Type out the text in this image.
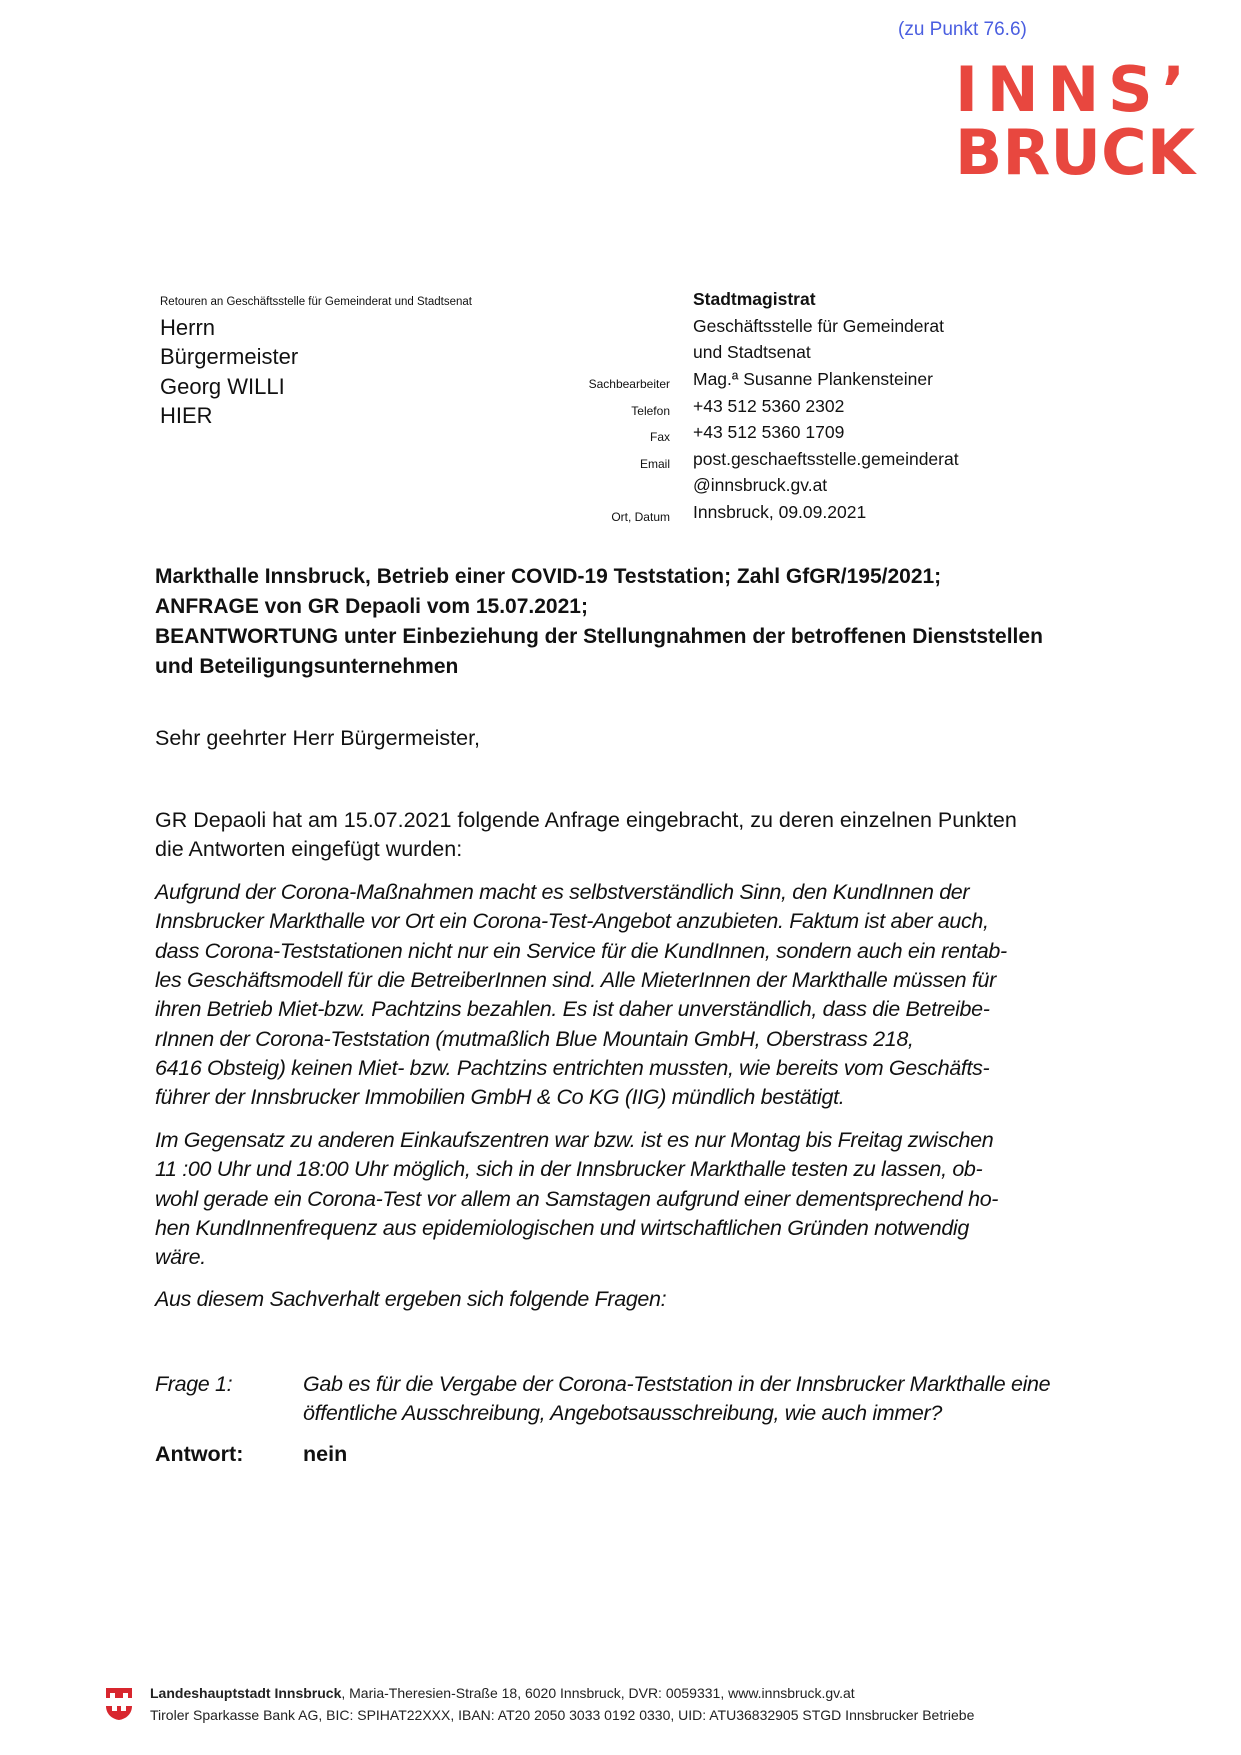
(zu Punkt 76.6)
INNS’
BRUCK
Retouren an Geschäftsstelle für Gemeinderat und Stadtsenat
Herrn
Bürgermeister
Georg WILLI
HIER
Stadtmagistrat
Geschäftsstelle für Gemeinderat
und Stadtsenat
Sachbearbeiter Mag.ª Susanne Plankensteiner
Telefon +43 512 5360 2302
Fax +43 512 5360 1709
Email post.geschaeftsstelle.gemeinderat
@innsbruck.gv.at
Ort, Datum Innsbruck, 09.09.2021
Markthalle Innsbruck, Betrieb einer COVID-19 Teststation; Zahl GfGR/195/2021;
ANFRAGE von GR Depaoli vom 15.07.2021;
BEANTWORTUNG unter Einbeziehung der Stellungnahmen der betroffenen Dienststellen
und Beteiligungsunternehmen
Sehr geehrter Herr Bürgermeister,
GR Depaoli hat am 15.07.2021 folgende Anfrage eingebracht, zu deren einzelnen Punkten
die Antworten eingefügt wurden:
Aufgrund der Corona-Maßnahmen macht es selbstverständlich Sinn, den KundInnen der
Innsbrucker Markthalle vor Ort ein Corona-Test-Angebot anzubieten. Faktum ist aber auch,
dass Corona-Teststationen nicht nur ein Service für die KundInnen, sondern auch ein rentab-
les Geschäftsmodell für die BetreiberInnen sind. Alle MieterInnen der Markthalle müssen für
ihren Betrieb Miet-bzw. Pachtzins bezahlen. Es ist daher unverständlich, dass die Betreibe-
rInnen der Corona-Teststation (mutmaßlich Blue Mountain GmbH, Oberstrass 218,
6416 Obsteig) keinen Miet- bzw. Pachtzins entrichten mussten, wie bereits vom Geschäfts-
führer der Innsbrucker Immobilien GmbH & Co KG (IIG) mündlich bestätigt.
Im Gegensatz zu anderen Einkaufszentren war bzw. ist es nur Montag bis Freitag zwischen
11 :00 Uhr und 18:00 Uhr möglich, sich in der Innsbrucker Markthalle testen zu lassen, ob-
wohl gerade ein Corona-Test vor allem an Samstagen aufgrund einer dementsprechend ho-
hen KundInnenfrequenz aus epidemiologischen und wirtschaftlichen Gründen notwendig
wäre.
Aus diesem Sachverhalt ergeben sich folgende Fragen:
Frage 1:	Gab es für die Vergabe der Corona-Teststation in der Innsbrucker Markthalle eine
öffentliche Ausschreibung, Angebotsausschreibung, wie auch immer?
Antwort:	nein
Landeshauptstadt Innsbruck, Maria-Theresien-Straße 18, 6020 Innsbruck, DVR: 0059331, www.innsbruck.gv.at
Tiroler Sparkasse Bank AG, BIC: SPIHAT22XXX, IBAN: AT20 2050 3033 0192 0330, UID: ATU36832905 STGD Innsbrucker Betriebe
